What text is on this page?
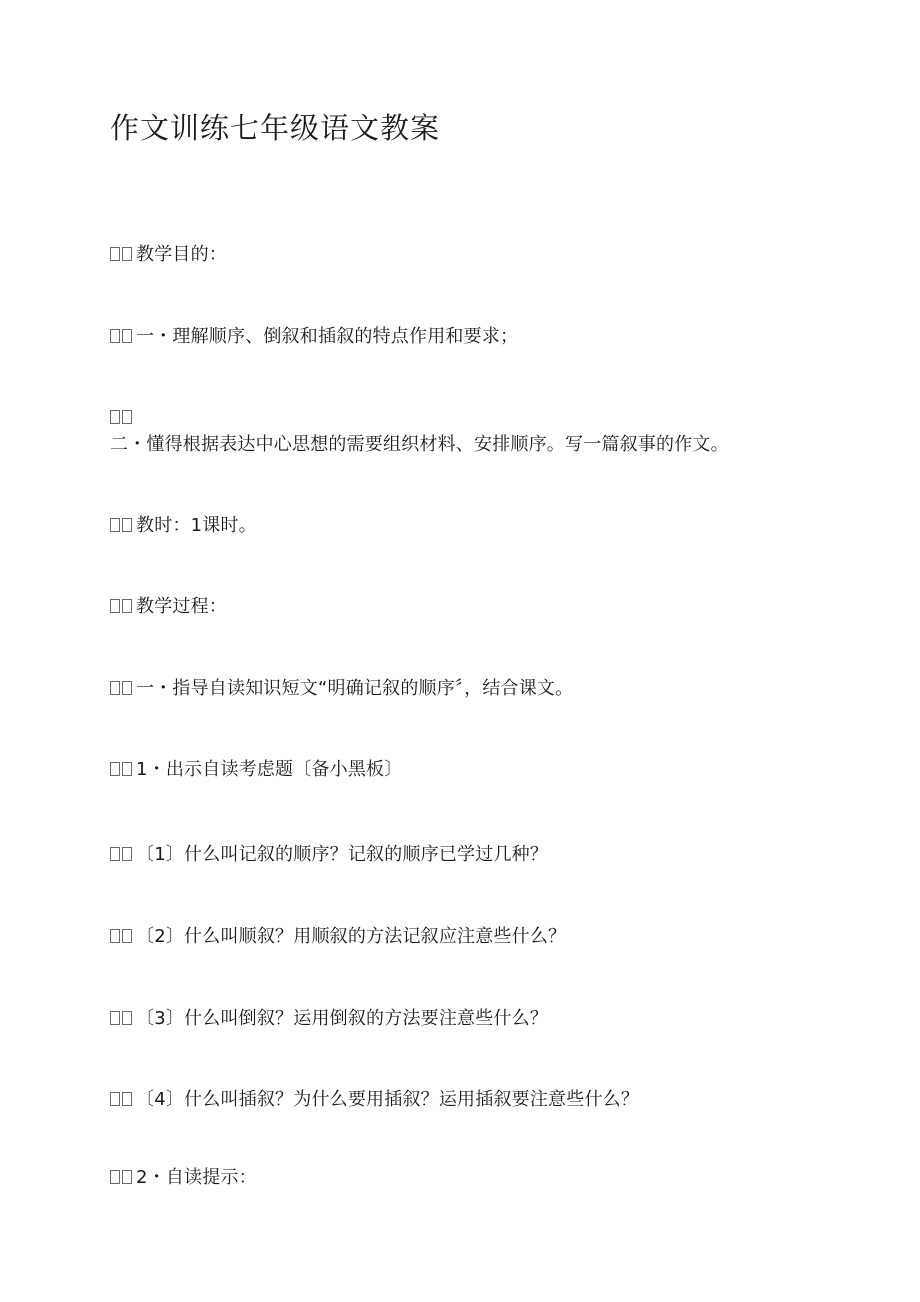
作文训练七年级语文教案
教学目的：
一・理解顺序、倒叙和插叙的特点作用和要求；
二・懂得根据表达中心思想的需要组织材料、安排顺序。写一篇叙事的作文。
教时：1课时。
教学过程：
一・指导自读知识短文“明确记叙的顺序〞，结合课文。
1・出示自读考虑题〔备小黑板〕
〔1〕什么叫记叙的顺序？记叙的顺序已学过几种？
〔2〕什么叫顺叙？用顺叙的方法记叙应注意些什么？
〔3〕什么叫倒叙？运用倒叙的方法要注意些什么？
〔4〕什么叫插叙？为什么要用插叙？运用插叙要注意些什么？
2・自读提示：
